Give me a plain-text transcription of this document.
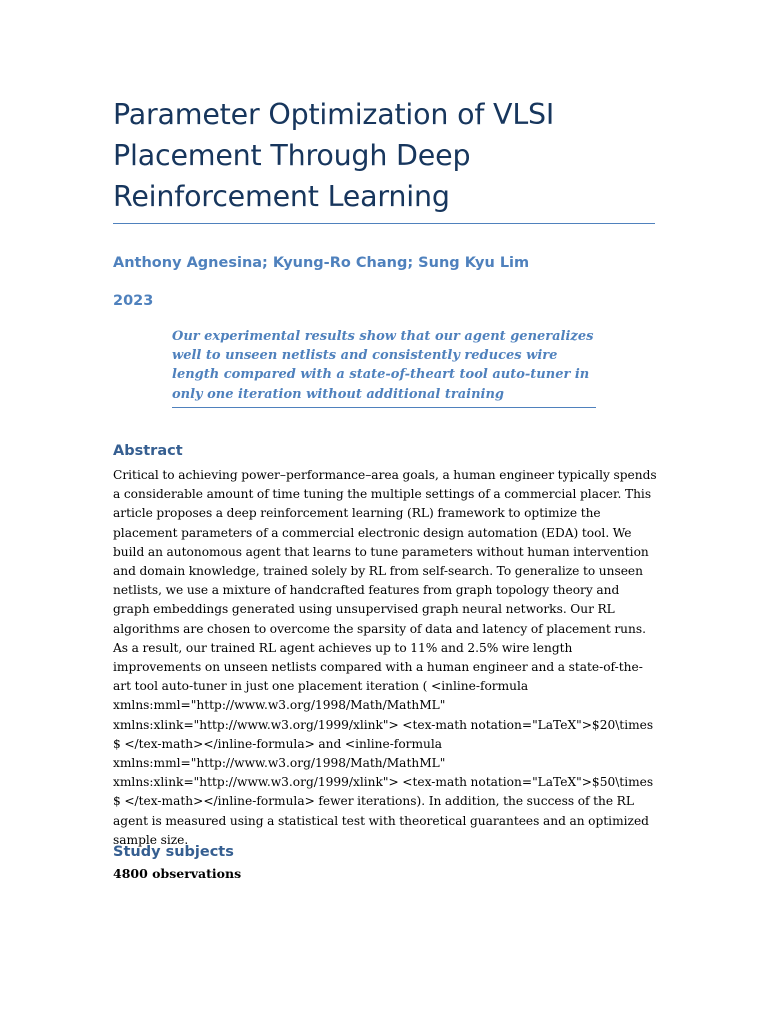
Parameter Optimization of VLSI Placement Through Deep Reinforcement Learning

Anthony Agnesina; Kyung-Ro Chang; Sung Kyu Lim

2023

Our experimental results show that our agent generalizes well to unseen netlists and consistently reduces wire length compared with a state-of-theart tool auto-tuner in only one iteration without additional training

Abstract

Critical to achieving power–performance–area goals, a human engineer typically spends a considerable amount of time tuning the multiple settings of a commercial placer. This article proposes a deep reinforcement learning (RL) framework to optimize the placement parameters of a commercial electronic design automation (EDA) tool. We build an autonomous agent that learns to tune parameters without human intervention and domain knowledge, trained solely by RL from self-search. To generalize to unseen netlists, we use a mixture of handcrafted features from graph topology theory and graph embeddings generated using unsupervised graph neural networks. Our RL algorithms are chosen to overcome the sparsity of data and latency of placement runs. As a result, our trained RL agent achieves up to 11% and 2.5% wire length improvements on unseen netlists compared with a human engineer and a state-of-the-art tool auto-tuner in just one placement iteration ( <inline-formula xmlns:mml="http://www.w3.org/1998/Math/MathML" xmlns:xlink="http://www.w3.org/1999/xlink"> <tex-math notation="LaTeX">$20\times $ </tex-math></inline-formula> and <inline-formula xmlns:mml="http://www.w3.org/1998/Math/MathML" xmlns:xlink="http://www.w3.org/1999/xlink"> <tex-math notation="LaTeX">$50\times $ </tex-math></inline-formula> fewer iterations). In addition, the success of the RL agent is measured using a statistical test with theoretical guarantees and an optimized sample size.

Study subjects

4800 observations
